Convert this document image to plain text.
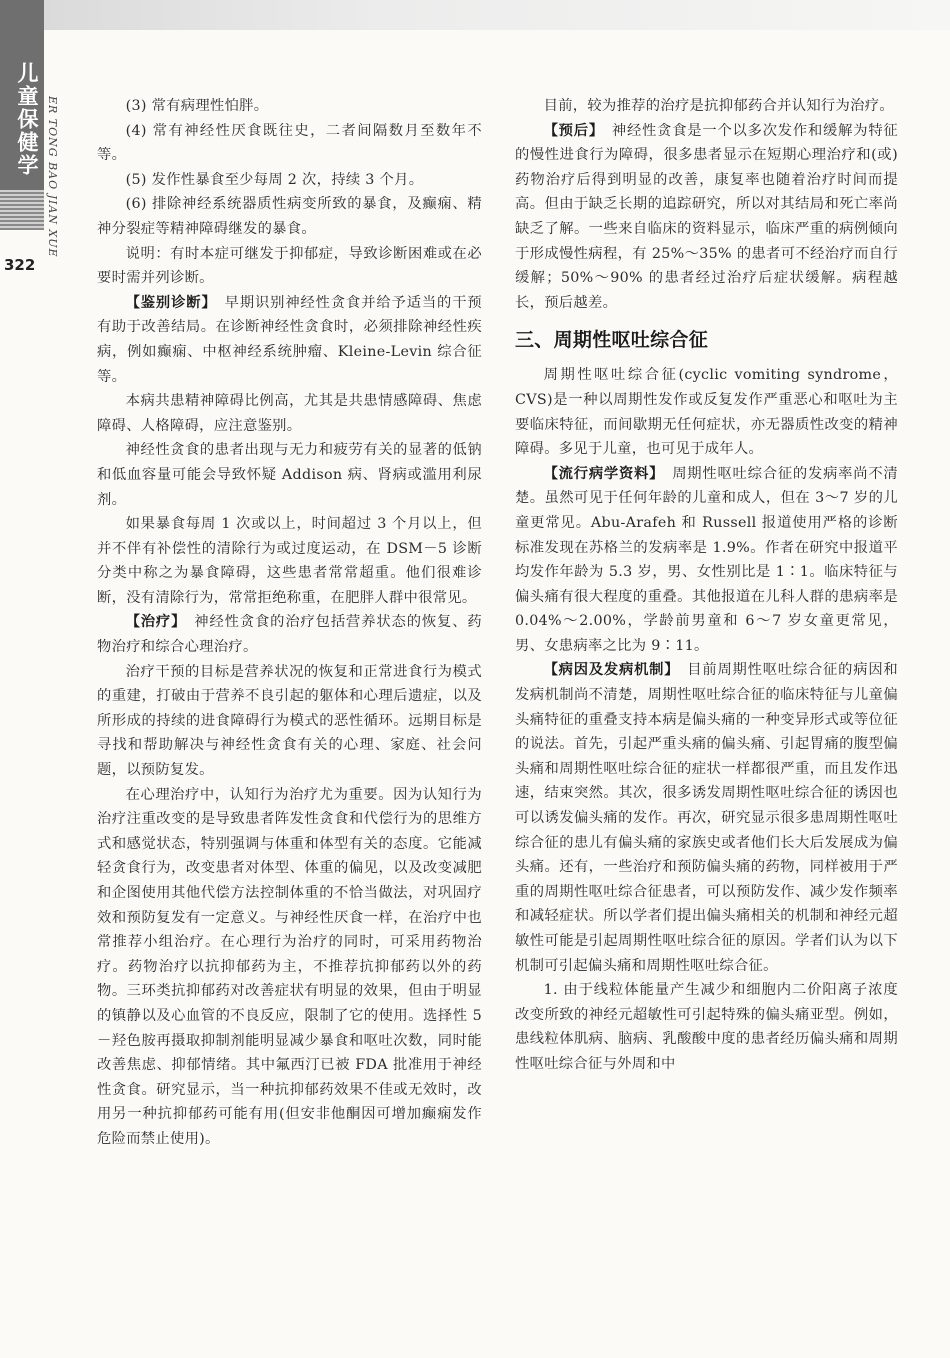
儿童保健学 ER TONG BAO JIAN XUE
322

(3) 常有病理性怕胖。

(4) 常有神经性厌食既往史，二者间隔数月至数年不等。

(5) 发作性暴食至少每周 2 次，持续 3 个月。

(6) 排除神经系统器质性病变所致的暴食，及癫痫、精神分裂症等精神障碍继发的暴食。

说明：有时本症可继发于抑郁症，导致诊断困难或在必要时需并列诊断。

【鉴别诊断】  早期识别神经性贪食并给予适当的干预有助于改善结局。在诊断神经性贪食时，必须排除神经性疾病，例如癫痫、中枢神经系统肿瘤、Kleine-Levin 综合征等。

本病共患精神障碍比例高，尤其是共患情感障碍、焦虑障碍、人格障碍，应注意鉴别。

神经性贪食的患者出现与无力和疲劳有关的显著的低钠和低血容量可能会导致怀疑 Addison 病、肾病或滥用利尿剂。

如果暴食每周 1 次或以上，时间超过 3 个月以上，但并不伴有补偿性的清除行为或过度运动，在 DSM－5 诊断分类中称之为暴食障碍，这些患者常常超重。他们很难诊断，没有清除行为，常常拒绝称重，在肥胖人群中很常见。

【治疗】  神经性贪食的治疗包括营养状态的恢复、药物治疗和综合心理治疗。

治疗干预的目标是营养状况的恢复和正常进食行为模式的重建，打破由于营养不良引起的躯体和心理后遗症，以及所形成的持续的进食障碍行为模式的恶性循环。远期目标是寻找和帮助解决与神经性贪食有关的心理、家庭、社会问题，以预防复发。

在心理治疗中，认知行为治疗尤为重要。因为认知行为治疗注重改变的是导致患者阵发性贪食和代偿行为的思维方式和感觉状态，特别强调与体重和体型有关的态度。它能减轻贪食行为，改变患者对体型、体重的偏见，以及改变减肥和企图使用其他代偿方法控制体重的不恰当做法，对巩固疗效和预防复发有一定意义。与神经性厌食一样，在治疗中也常推荐小组治疗。在心理行为治疗的同时，可采用药物治疗。药物治疗以抗抑郁药为主，不推荐抗抑郁药以外的药物。三环类抗抑郁药对改善症状有明显的效果，但由于明显的镇静以及心血管的不良反应，限制了它的使用。选择性 5－羟色胺再摄取抑制剂能明显减少暴食和呕吐次数，同时能改善焦虑、抑郁情绪。其中氟西汀已被 FDA 批准用于神经性贪食。研究显示，当一种抗抑郁药效果不佳或无效时，改用另一种抗抑郁药可能有用(但安非他酮因可增加癫痫发作危险而禁止使用)。

目前，较为推荐的治疗是抗抑郁药合并认知行为治疗。

【预后】  神经性贪食是一个以多次发作和缓解为特征的慢性进食行为障碍，很多患者显示在短期心理治疗和(或)药物治疗后得到明显的改善，康复率也随着治疗时间而提高。但由于缺乏长期的追踪研究，所以对其结局和死亡率尚缺乏了解。一些来自临床的资料显示，临床严重的病例倾向于形成慢性病程，有 25%～35% 的患者可不经治疗而自行缓解；50%～90% 的患者经过治疗后症状缓解。病程越长，预后越差。

三、周期性呕吐综合征

周期性呕吐综合征(cyclic vomiting syndrome，CVS)是一种以周期性发作或反复发作严重恶心和呕吐为主要临床特征，而间歇期无任何症状，亦无器质性改变的精神障碍。多见于儿童，也可见于成年人。

【流行病学资料】  周期性呕吐综合征的发病率尚不清楚。虽然可见于任何年龄的儿童和成人，但在 3～7 岁的儿童更常见。Abu-Arafeh 和 Russell 报道使用严格的诊断标准发现在苏格兰的发病率是 1.9%。作者在研究中报道平均发作年龄为 5.3 岁，男、女性别比是 1∶1。临床特征与偏头痛有很大程度的重叠。其他报道在儿科人群的患病率是 0.04%～2.00%，学龄前男童和 6～7 岁女童更常见，男、女患病率之比为 9∶11。

【病因及发病机制】  目前周期性呕吐综合征的病因和发病机制尚不清楚，周期性呕吐综合征的临床特征与儿童偏头痛特征的重叠支持本病是偏头痛的一种变异形式或等位征的说法。首先，引起严重头痛的偏头痛、引起胃痛的腹型偏头痛和周期性呕吐综合征的症状一样都很严重，而且发作迅速，结束突然。其次，很多诱发周期性呕吐综合征的诱因也可以诱发偏头痛的发作。再次，研究显示很多患周期性呕吐综合征的患儿有偏头痛的家族史或者他们长大后发展成为偏头痛。还有，一些治疗和预防偏头痛的药物，同样被用于严重的周期性呕吐综合征患者，可以预防发作、减少发作频率和减轻症状。所以学者们提出偏头痛相关的机制和神经元超敏性可能是引起周期性呕吐综合征的原因。学者们认为以下机制可引起偏头痛和周期性呕吐综合征。

1. 由于线粒体能量产生减少和细胞内二价阳离子浓度改变所致的神经元超敏性可引起特殊的偏头痛亚型。例如，患线粒体肌病、脑病、乳酸酸中度的患者经历偏头痛和周期性呕吐综合征与外周和中
